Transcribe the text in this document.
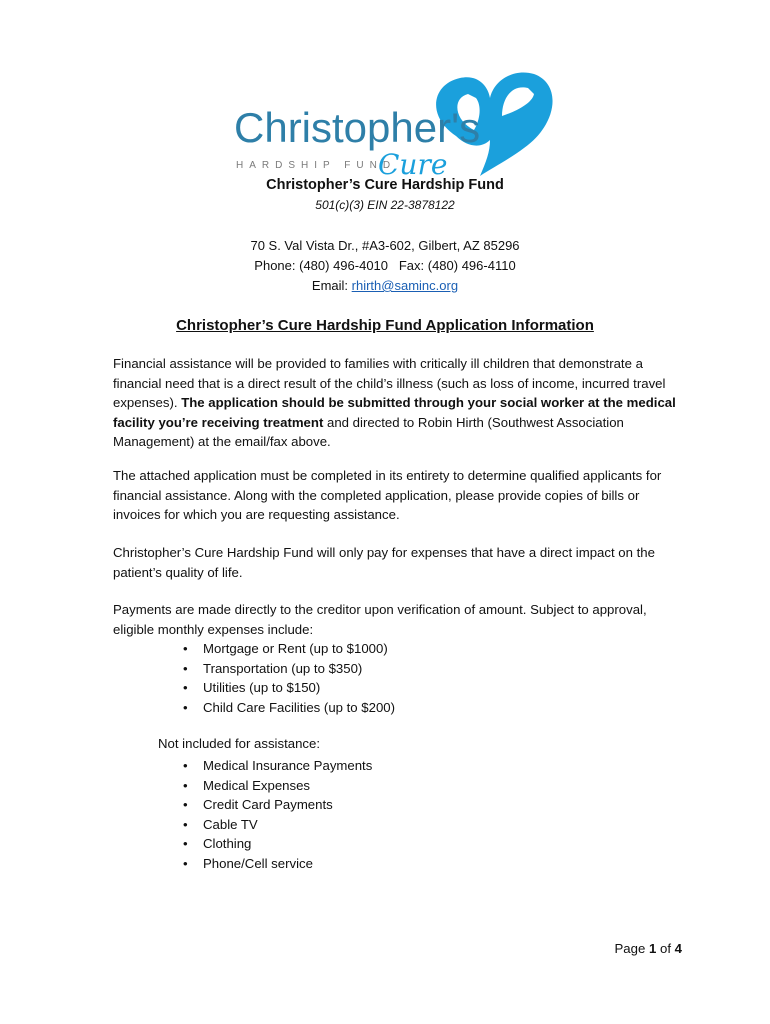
Christopher's
HARDSHIP FUND
Cure
Christopher’s Cure Hardship Fund
501(c)(3) EIN 22-3878122
70 S. Val Vista Dr., #A3-602, Gilbert, AZ 85296
Phone: (480) 496-4010   Fax: (480) 496-4110
Email: rhirth@saminc.org
Christopher’s Cure Hardship Fund Application Information

Financial assistance will be provided to families with critically ill children that demonstrate a financial need that is a direct result of the child’s illness (such as loss of income, incurred travel expenses). The application should be submitted through your social worker at the medical facility you’re receiving treatment and directed to Robin Hirth (Southwest Association Management) at the email/fax above.

The attached application must be completed in its entirety to determine qualified applicants for financial assistance. Along with the completed application, please provide copies of bills or invoices for which you are requesting assistance.

Christopher’s Cure Hardship Fund will only pay for expenses that have a direct impact on the patient’s quality of life.

Payments are made directly to the creditor upon verification of amount. Subject to approval, eligible monthly expenses include:

• Mortgage or Rent (up to $1000)
• Transportation (up to $350)
• Utilities (up to $150)
• Child Care Facilities (up to $200)
Not included for assistance:
• Medical Insurance Payments
• Medical Expenses
• Credit Card Payments
• Cable TV
• Clothing
• Phone/Cell service
Page 1 of 4
